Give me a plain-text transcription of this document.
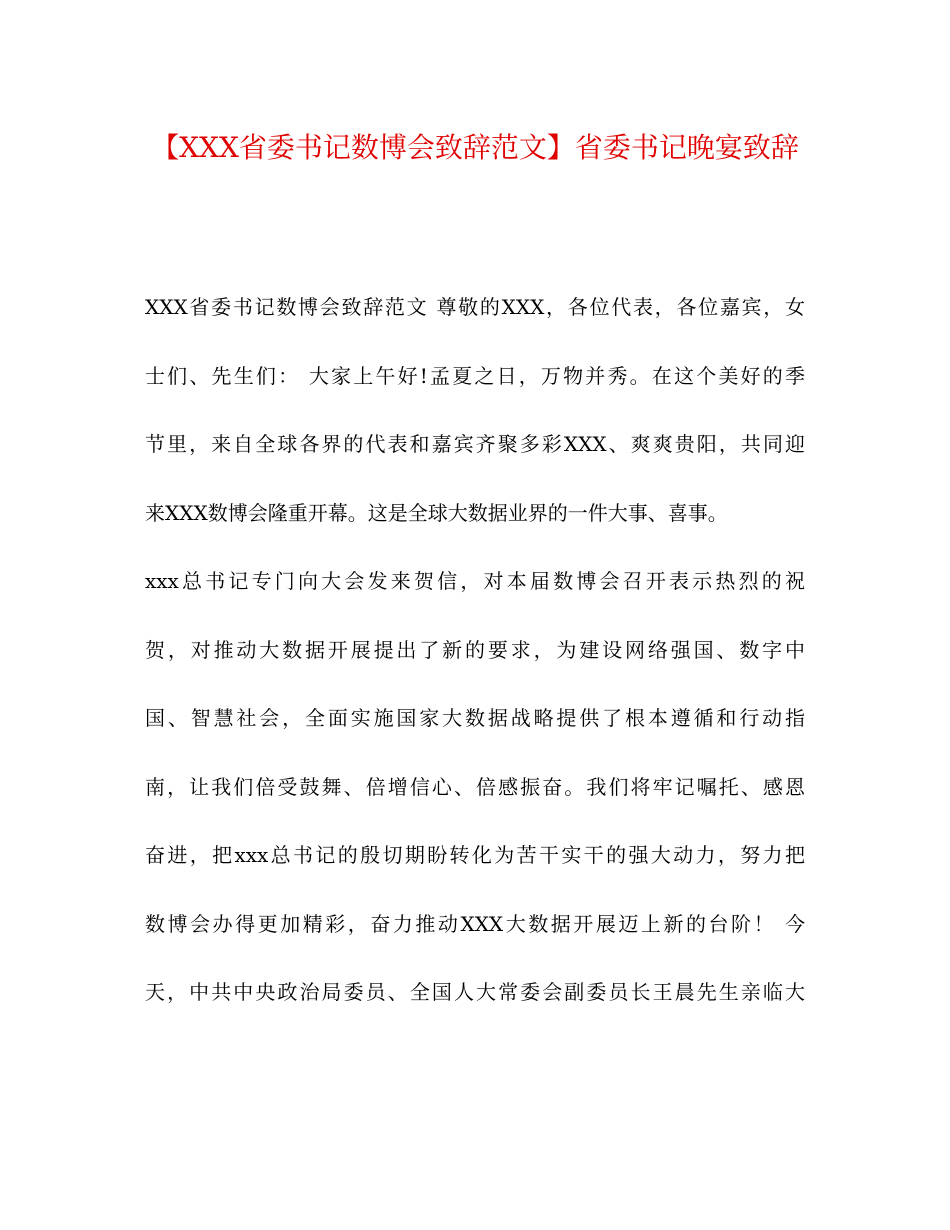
【XXX省委书记数博会致辞范文】省委书记晚宴致辞
XXX省委书记数博会致辞范文 尊敬的XXX，各位代表，各位嘉宾，女
士们、先生们： 大家上午好!孟夏之日，万物并秀。在这个美好的季
节里，来自全球各界的代表和嘉宾齐聚多彩XXX、爽爽贵阳，共同迎
来XXX数博会隆重开幕。这是全球大数据业界的一件大事、喜事。
xxx总书记专门向大会发来贺信，对本届数博会召开表示热烈的祝
贺，对推动大数据开展提出了新的要求，为建设网络强国、数字中
国、智慧社会，全面实施国家大数据战略提供了根本遵循和行动指
南，让我们倍受鼓舞、倍增信心、倍感振奋。我们将牢记嘱托、感恩
奋进，把xxx总书记的殷切期盼转化为苦干实干的强大动力，努力把
数博会办得更加精彩，奋力推动XXX大数据开展迈上新的台阶！ 今
天，中共中央政治局委员、全国人大常委会副委员长王晨先生亲临大
